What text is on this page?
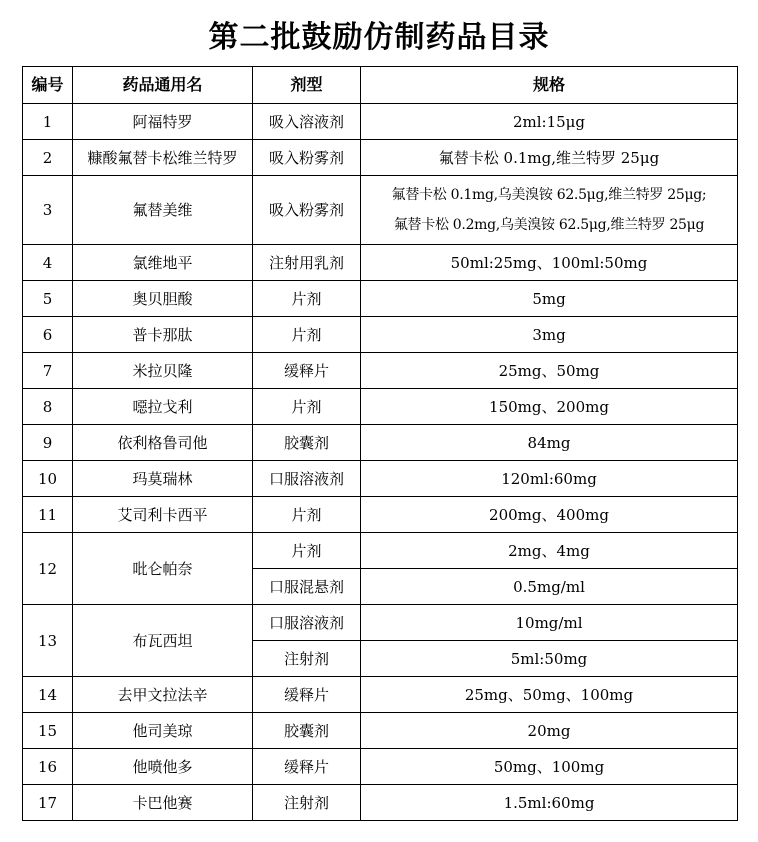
第二批鼓励仿制药品目录
编号	药品通用名	剂型	规格
1	阿福特罗	吸入溶液剂	2ml:15μg
2	糠酸氟替卡松维兰特罗	吸入粉雾剂	氟替卡松 0.1mg,维兰特罗 25μg
3	氟替美维	吸入粉雾剂	氟替卡松 0.1mg,乌美溴铵 62.5μg,维兰特罗 25μg;
氟替卡松 0.2mg,乌美溴铵 62.5μg,维兰特罗 25μg

4	氯维地平	注射用乳剂	50ml:25mg、100ml:50mg
5	奥贝胆酸	片剂	5mg
6	普卡那肽	片剂	3mg
7	米拉贝隆	缓释片	25mg、50mg
8	噁拉戈利	片剂	150mg、200mg
9	依利格鲁司他	胶囊剂	84mg
10	玛莫瑞林	口服溶液剂	120ml:60mg
11	艾司利卡西平	片剂	200mg、400mg
12	吡仑帕奈	片剂	2mg、4mg
		口服混悬剂	0.5mg/ml
13	布瓦西坦	口服溶液剂	10mg/ml
		注射剂	5ml:50mg
14	去甲文拉法辛	缓释片	25mg、50mg、100mg
15	他司美琼	胶囊剂	20mg
16	他喷他多	缓释片	50mg、100mg
17	卡巴他赛	注射剂	1.5ml:60mg
